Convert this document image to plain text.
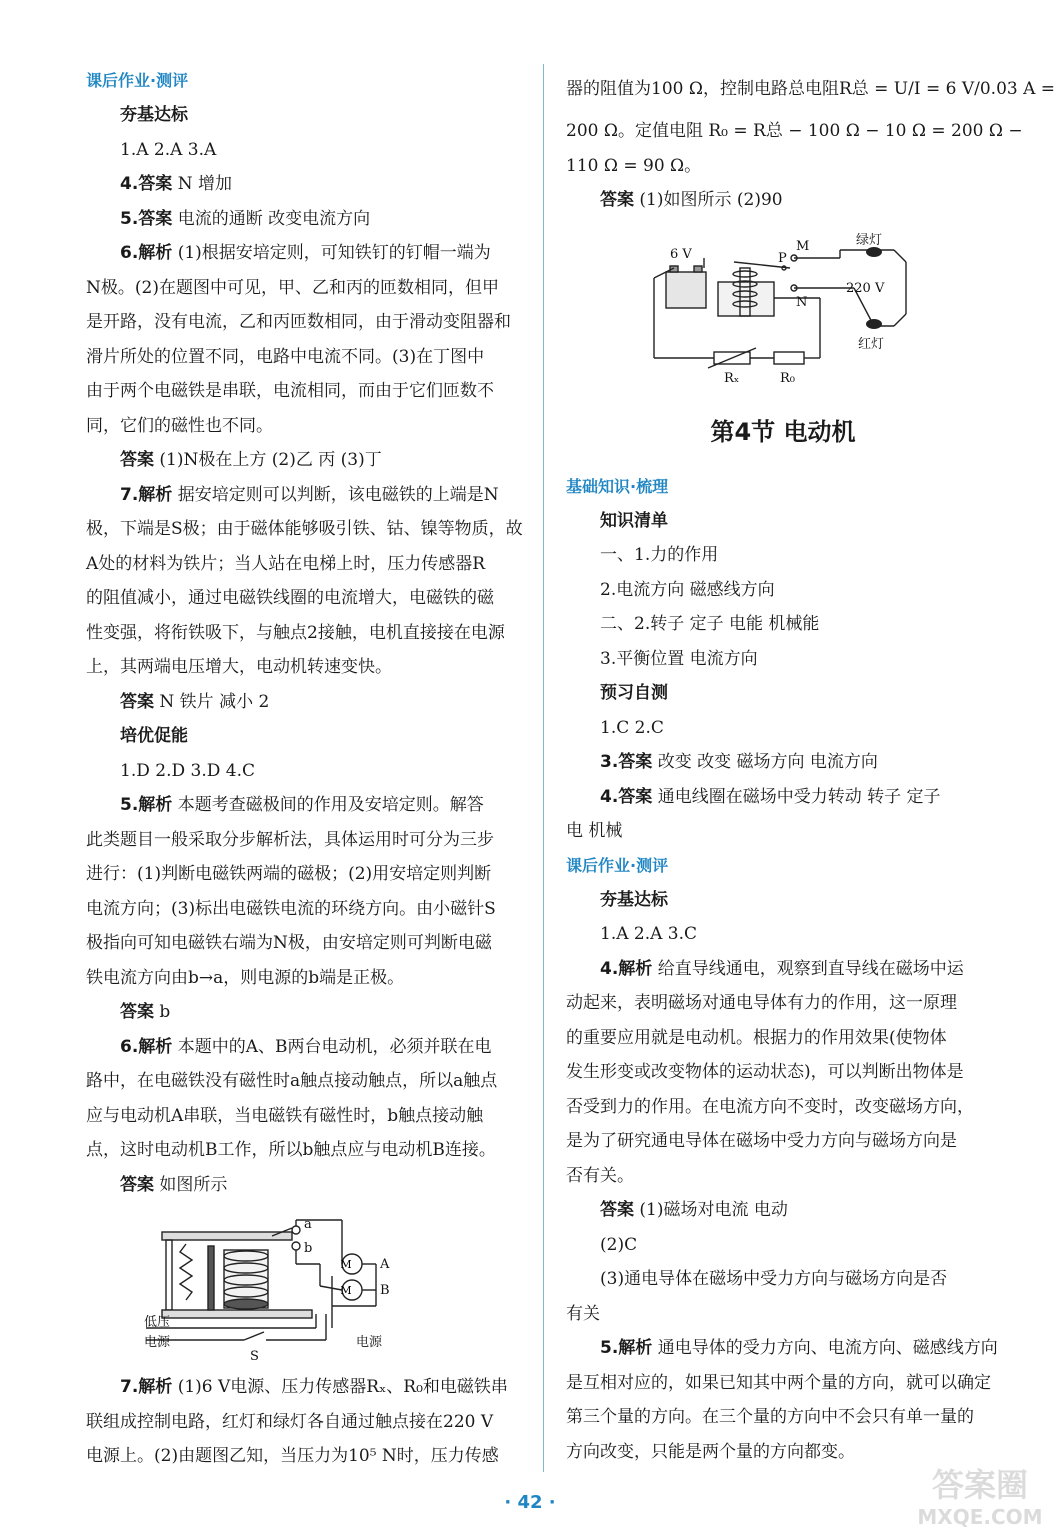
课后作业·测评
夯基达标
1.A 2.A 3.A
4.答案 N 增加
5.答案 电流的通断 改变电流方向
6.解析 (1)根据安培定则，可知铁钉的钉帽一端为
N极。(2)在题图中可见，甲、乙和丙的匝数相同，但甲
是开路，没有电流，乙和丙匝数相同，由于滑动变阻器和
滑片所处的位置不同，电路中电流不同。(3)在丁图中
由于两个电磁铁是串联，电流相同，而由于它们匝数不
同，它们的磁性也不同。
答案 (1)N极在上方 (2)乙 丙 (3)丁
7.解析 据安培定则可以判断，该电磁铁的上端是N
极，下端是S极；由于磁体能够吸引铁、钴、镍等物质，故
A处的材料为铁片；当人站在电梯上时，压力传感器R
的阻值减小，通过电磁铁线圈的电流增大，电磁铁的磁
性变强，将衔铁吸下，与触点2接触，电机直接接在电源
上，其两端电压增大，电动机转速变快。
答案 N 铁片 减小 2
培优促能
1.D 2.D 3.D 4.C
5.解析 本题考查磁极间的作用及安培定则。解答
此类题目一般采取分步解析法，具体运用时可分为三步
进行：(1)判断电磁铁两端的磁极；(2)用安培定则判断
电流方向；(3)标出电磁铁电流的环绕方向。由小磁针S
极指向可知电磁铁右端为N极，由安培定则可判断电磁
铁电流方向由b→a，则电源的b端是正极。
答案 b
6.解析 本题中的A、B两台电动机，必须并联在电
路中，在电磁铁没有磁性时a触点接动触点，所以a触点
应与电动机A串联，当电磁铁有磁性时，b触点接动触
点，这时电动机B工作，所以b触点应与电动机B连接。
答案 如图所示
M
M
a
b
A
B
低压
电源
S
电源
7.解析 (1)6 V电源、压力传感器Rₓ、R₀和电磁铁串
联组成控制电路，红灯和绿灯各自通过触点接在220 V
电源上。(2)由题图乙知，当压力为10⁵ N时，压力传感
器的阻值为100 Ω，控制电路总电阻R总 = U/I = 6 V/0.03 A =
200 Ω。定值电阻 R₀ = R总 − 100 Ω − 10 Ω = 200 Ω −
110 Ω = 90 Ω。
答案 (1)如图所示 (2)90
6 V
M
P
N
绿灯
220 V
红灯
Rₓ	R₀
第4节 电动机
基础知识·梳理
知识清单
一、1.力的作用
2.电流方向 磁感线方向
二、2.转子 定子 电能 机械能
3.平衡位置 电流方向
预习自测
1.C 2.C
3.答案 改变 改变 磁场方向 电流方向
4.答案 通电线圈在磁场中受力转动 转子 定子
电 机械
课后作业·测评
夯基达标
1.A 2.A 3.C
4.解析 给直导线通电，观察到直导线在磁场中运
动起来，表明磁场对通电导体有力的作用，这一原理
的重要应用就是电动机。根据力的作用效果(使物体
发生形变或改变物体的运动状态)，可以判断出物体是
否受到力的作用。在电流方向不变时，改变磁场方向，
是为了研究通电导体在磁场中受力方向与磁场方向是
否有关。
答案 (1)磁场对电流 电动
(2)C
(3)通电导体在磁场中受力方向与磁场方向是否
有关
5.解析 通电导体的受力方向、电流方向、磁感线方向
是互相对应的，如果已知其中两个量的方向，就可以确定
第三个量的方向。在三个量的方向中不会只有单一量的
方向改变，只能是两个量的方向都变。
· 42 ·	答案圈
MXQE.COM
